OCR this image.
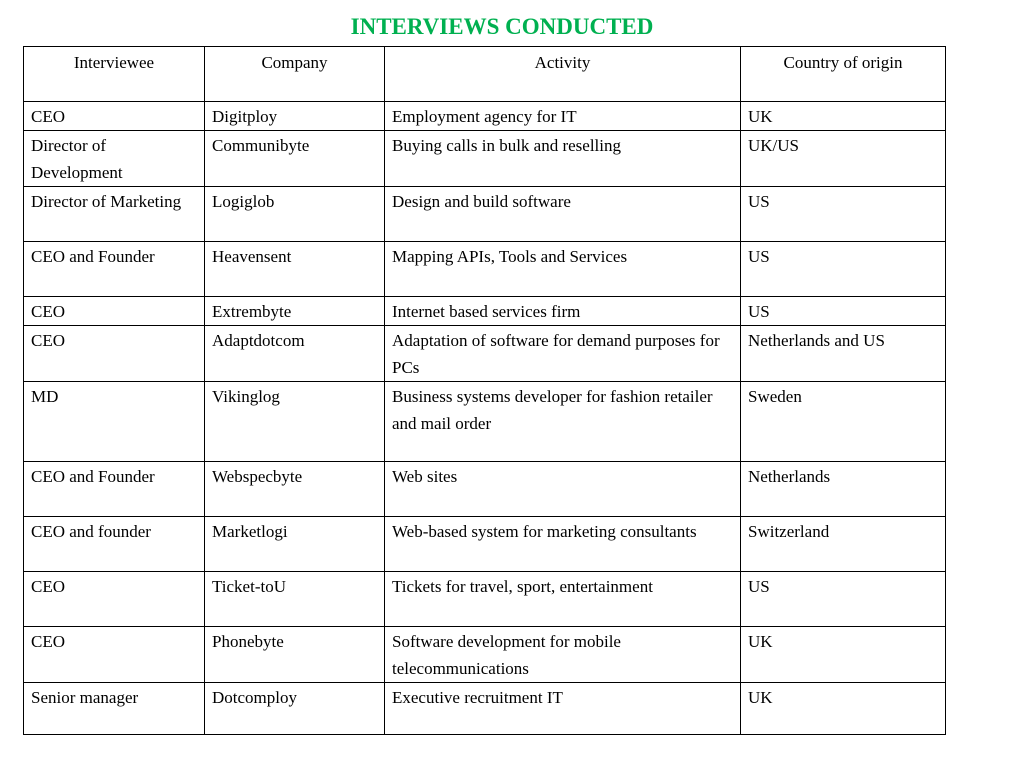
INTERVIEWS CONDUCTED
Interviewee	Company	Activity	Country of origin
CEO	Digitploy	Employment agency for IT	UK
Director of Development	Communibyte	Buying calls in bulk and reselling	UK/US
Director of Marketing	Logiglob	Design and build software	US
CEO and Founder	Heavensent	Mapping APIs, Tools and Services	US
CEO	Extrembyte	Internet based services firm	US
CEO	Adaptdotcom	Adaptation of software for demand purposes for PCs	Netherlands and US
MD	Vikinglog	Business systems developer for fashion retailer and mail order	Sweden
CEO and Founder	Webspecbyte	Web sites	Netherlands
CEO and founder	Marketlogi	Web-based system for marketing consultants	Switzerland
CEO	Ticket-toU	Tickets for travel, sport, entertainment	US
CEO	Phonebyte	Software development for mobile telecommunications	UK
Senior manager	Dotcomploy	Executive recruitment IT	UK
